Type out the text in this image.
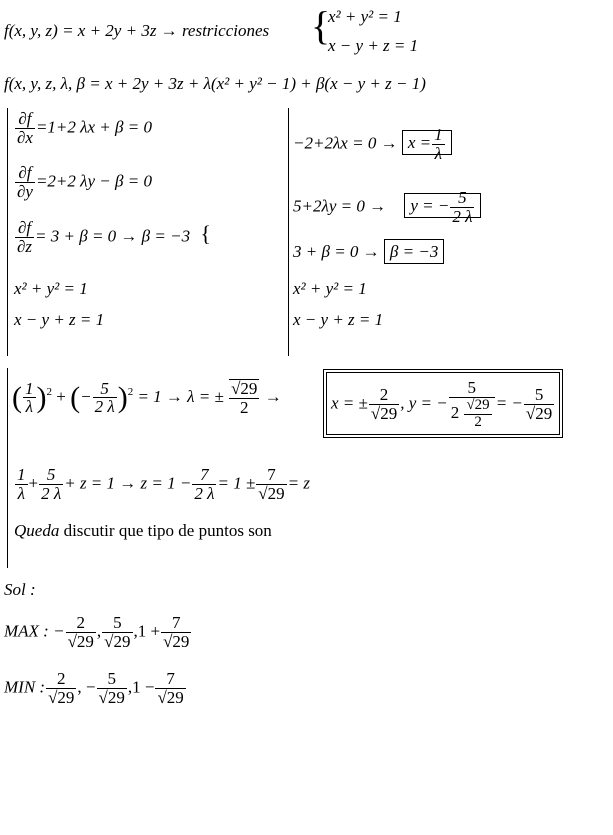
f(x, y, z) = x + 2y + 3z → restricciones {
x² + y² = 1
x − y + z = 1
f(x, y, z, λ, β = x + 2y + 3z + λ(x² + y² − 1) + β(x − y + z − 1)
$\frac{\partial f}{\partial x} =1+2$ λx + β = 0
$\frac{\partial f}{\partial y} =2+2$ λy − β = 0
$\frac{\partial f}{\partial z} = 3 + \beta = 0 \to \beta = -3$ {
x² + y² = 1
x − y + z = 1
$-2+2\lambda x = 0 \to x = \frac{1}{\lambda}$
5+2λy = 0 → y = − $\frac{5}{2 \lambda}$
3 + β = 0 → β = −3
x² + y² = 1
x − y + z = 1
( $\frac{1}{\lambda} )^2$ + (− $\frac{5}{2 \lambda} )^2 = 1 \to \lambda$ = ± $\frac{√29}{2}$ →	x = ± $\frac{2}{√29}$ , y = − $\frac{5}{2 \frac{√29}{2}}$ = − $\frac{5}{√29}$
$\frac{1}{\lambda} + \frac{5}{2 \lambda} + z = 1 \to z = 1 - \frac{7}{2 \lambda} = 1 \pm \frac{7}{√29} = z$
Queda discutir que tipo de puntos son
Sol :
MAX : − $\frac{2}{√29}$ , $\frac{5}{√29} ,1 + \frac{7}{√29}$
MIN : $\frac{2}{√29}$ , − $\frac{5}{√29} ,1 - \frac{7}{√29}$
